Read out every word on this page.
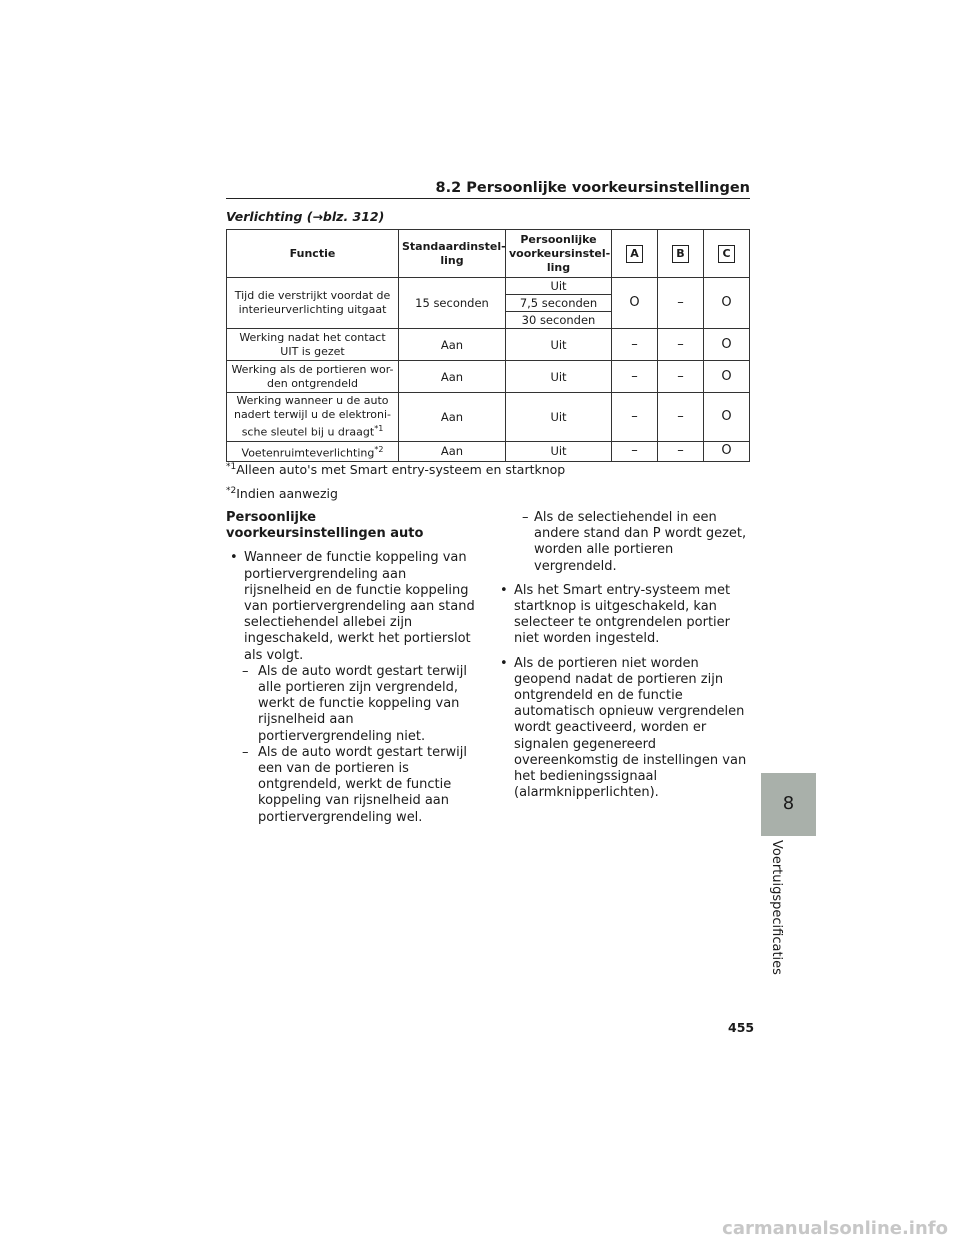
8.2 Persoonlijke voorkeursinstellingen
Verlichting (→blz. 312)
Functie	Standaardinstel-ling	Persoonlijke voorkeursinstel-ling	A	B	C
Tijd die verstrijkt voordat de interieurverlichting uitgaat	15 seconden	Uit	O	–	O
		7,5 seconden			
		30 seconden			
Werking nadat het contact UIT is gezet	Aan	Uit	–	–	O
Werking als de portieren wor-den ontgrendeld	Aan	Uit	–	–	O
Werking wanneer u de auto nadert terwijl u de elektroni-sche sleutel bij u draagt$^{*1}$	Aan	Uit	–	–	O
Voetenruimteverlichting$^{*2}$	Aan	Uit	–	–	O
$^{*1}$Alleen auto's met Smart entry-systeem en startknop
$^{*2}$Indien aanwezig
Persoonlijke voorkeursinstellingen auto
• Wanneer de functie koppeling van portiervergrendeling aan rijsnelheid en de functie koppeling van portiervergrendeling aan stand selectiehendel allebei zijn ingeschakeld, werkt het portierslot als volgt.
– Als de auto wordt gestart terwijl alle portieren zijn vergrendeld, werkt de functie koppeling van rijsnelheid aan portiervergrendeling niet.
– Als de auto wordt gestart terwijl een van de portieren is ontgrendeld, werkt de functie koppeling van rijsnelheid aan portiervergrendeling wel.
– Als de selectiehendel in een andere stand dan P wordt gezet, worden alle portieren vergrendeld.
• Als het Smart entry-systeem met startknop is uitgeschakeld, kan selecteer te ontgrendelen portier niet worden ingesteld.
• Als de portieren niet worden geopend nadat de portieren zijn ontgrendeld en de functie automatisch opnieuw vergrendelen wordt geactiveerd, worden er signalen gegenereerd overeenkomstig de instellingen van het bedieningssignaal (alarmknipperlichten).
8
Voertuigspecificaties
455
carmanualsonline.info
